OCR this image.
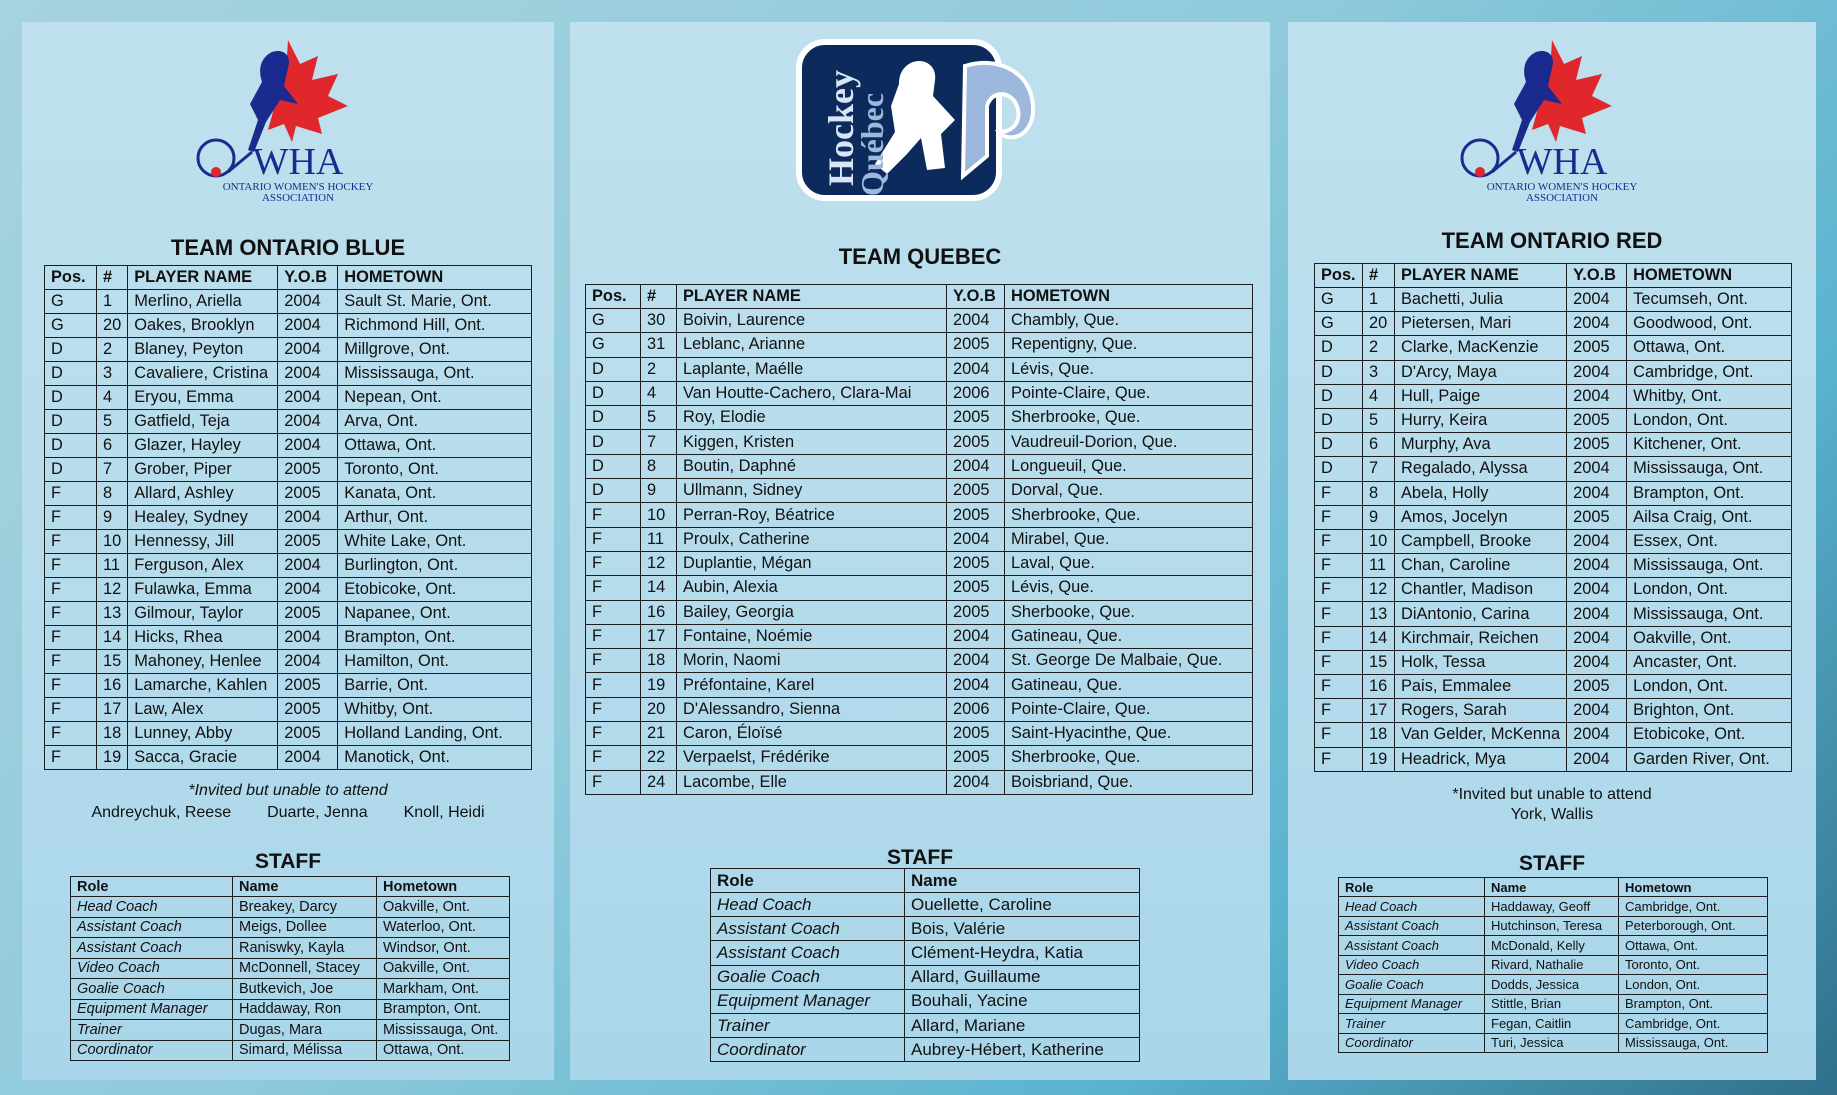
WHA
ONTARIO WOMEN'S HOCKEY
ASSOCIATION
TEAM ONTARIO BLUE
Pos.	#	PLAYER NAME	Y.O.B	HOMETOWN
G	1	Merlino, Ariella	2004	Sault St. Marie, Ont.
G	20	Oakes, Brooklyn	2004	Richmond Hill, Ont.
D	2	Blaney, Peyton	2004	Millgrove, Ont.
D	3	Cavaliere, Cristina	2004	Mississauga, Ont.
D	4	Eryou, Emma	2004	Nepean, Ont.
D	5	Gatfield, Teja	2004	Arva, Ont.
D	6	Glazer, Hayley	2004	Ottawa, Ont.
D	7	Grober, Piper	2005	Toronto, Ont.
F	8	Allard, Ashley	2005	Kanata, Ont.
F	9	Healey, Sydney	2004	Arthur, Ont.
F	10	Hennessy, Jill	2005	White Lake, Ont.
F	11	Ferguson, Alex	2004	Burlington, Ont.
F	12	Fulawka, Emma	2004	Etobicoke, Ont.
F	13	Gilmour, Taylor	2005	Napanee, Ont.
F	14	Hicks, Rhea	2004	Brampton, Ont.
F	15	Mahoney, Henlee	2004	Hamilton, Ont.
F	16	Lamarche, Kahlen	2005	Barrie, Ont.
F	17	Law, Alex	2005	Whitby, Ont.
F	18	Lunney, Abby	2005	Holland Landing, Ont.
F	19	Sacca, Gracie	2004	Manotick, Ont.
*Invited but unable to attend
Andreychuk, Reese Duarte, Jenna Knoll, Heidi
STAFF
Role	Name	Hometown
Head Coach	Breakey, Darcy	Oakville, Ont.
Assistant Coach	Meigs, Dollee	Waterloo, Ont.
Assistant Coach	Raniswky, Kayla	Windsor, Ont.
Video Coach	McDonnell, Stacey	Oakville, Ont.
Goalie Coach	Butkevich, Joe	Markham, Ont.
Equipment Manager	Haddaway, Ron	Brampton, Ont.
Trainer	Dugas, Mara	Mississauga, Ont.
Coordinator	Simard, Mélissa	Ottawa, Ont.
Hockey
Québec
TEAM QUEBEC
Pos.	#	PLAYER NAME	Y.O.B	HOMETOWN
G	30	Boivin, Laurence	2004	Chambly, Que.
G	31	Leblanc, Arianne	2005	Repentigny, Que.
D	2	Laplante, Maélle	2004	Lévis, Que.
D	4	Van Houtte-Cachero, Clara-Mai	2006	Pointe-Claire, Que.
D	5	Roy, Elodie	2005	Sherbrooke, Que.
D	7	Kiggen, Kristen	2005	Vaudreuil-Dorion, Que.
D	8	Boutin, Daphné	2004	Longueuil, Que.
D	9	Ullmann, Sidney	2005	Dorval, Que.
F	10	Perran-Roy, Béatrice	2005	Sherbrooke, Que.
F	11	Proulx, Catherine	2004	Mirabel, Que.
F	12	Duplantie, Mégan	2005	Laval, Que.
F	14	Aubin, Alexia	2005	Lévis, Que.
F	16	Bailey, Georgia	2005	Sherbooke, Que.
F	17	Fontaine, Noémie	2004	Gatineau, Que.
F	18	Morin, Naomi	2004	St. George De Malbaie, Que.
F	19	Préfontaine, Karel	2004	Gatineau, Que.
F	20	D'Alessandro, Sienna	2006	Pointe-Claire, Que.
F	21	Caron, Éloïsé	2005	Saint-Hyacinthe, Que.
F	22	Verpaelst, Frédérike	2005	Sherbrooke, Que.
F	24	Lacombe, Elle	2004	Boisbriand, Que.
STAFF
Role	Name
Head Coach	Ouellette, Caroline
Assistant Coach	Bois, Valérie
Assistant Coach	Clément-Heydra, Katia
Goalie Coach	Allard, Guillaume
Equipment Manager	Bouhali, Yacine
Trainer	Allard, Mariane
Coordinator	Aubrey-Hébert, Katherine
WHA
ONTARIO WOMEN'S HOCKEY
ASSOCIATION
TEAM ONTARIO RED
Pos.	#	PLAYER NAME	Y.O.B	HOMETOWN
G	1	Bachetti, Julia	2004	Tecumseh, Ont.
G	20	Pietersen, Mari	2004	Goodwood, Ont.
D	2	Clarke, MacKenzie	2005	Ottawa, Ont.
D	3	D'Arcy, Maya	2004	Cambridge, Ont.
D	4	Hull, Paige	2004	Whitby, Ont.
D	5	Hurry, Keira	2005	London, Ont.
D	6	Murphy, Ava	2005	Kitchener, Ont.
D	7	Regalado, Alyssa	2004	Mississauga, Ont.
F	8	Abela, Holly	2004	Brampton, Ont.
F	9	Amos, Jocelyn	2005	Ailsa Craig, Ont.
F	10	Campbell, Brooke	2004	Essex, Ont.
F	11	Chan, Caroline	2004	Mississauga, Ont.
F	12	Chantler, Madison	2004	London, Ont.
F	13	DiAntonio, Carina	2004	Mississauga, Ont.
F	14	Kirchmair, Reichen	2004	Oakville, Ont.
F	15	Holk, Tessa	2004	Ancaster, Ont.
F	16	Pais, Emmalee	2005	London, Ont.
F	17	Rogers, Sarah	2004	Brighton, Ont.
F	18	Van Gelder, McKenna	2004	Etobicoke, Ont.
F	19	Headrick, Mya	2004	Garden River, Ont.
*Invited but unable to attend
York, Wallis
STAFF
Role	Name	Hometown
Head Coach	Haddaway, Geoff	Cambridge, Ont.
Assistant Coach	Hutchinson, Teresa	Peterborough, Ont.
Assistant Coach	McDonald, Kelly	Ottawa, Ont.
Video Coach	Rivard, Nathalie	Toronto, Ont.
Goalie Coach	Dodds, Jessica	London, Ont.
Equipment Manager	Stittle, Brian	Brampton, Ont.
Trainer	Fegan, Caitlin	Cambridge, Ont.
Coordinator	Turi, Jessica	Mississauga, Ont.
